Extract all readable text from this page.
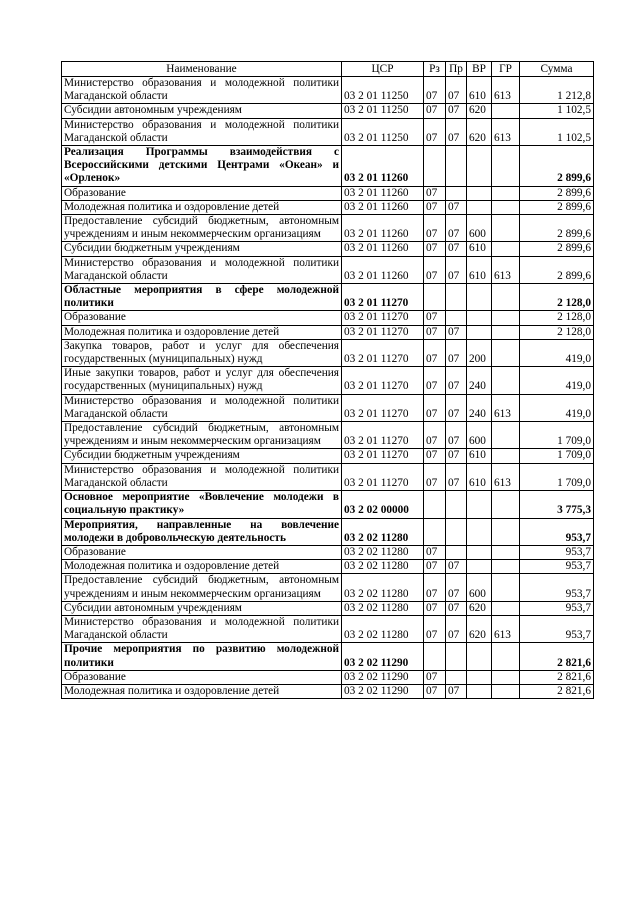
Наименование	ЦСР	Рз	Пр	ВР	ГР	Сумма
Министерство образования и молодежной политики Магаданской области	03 2 01 11250	07	07	610	613	1 212,8
Субсидии автономным учреждениям	03 2 01 11250	07	07	620		1 102,5
Министерство образования и молодежной политики Магаданской области	03 2 01 11250	07	07	620	613	1 102,5
Реализация Программы взаимодействия с Всероссийскими детскими Центрами «Океан» и «Орленок»	03 2 01 11260					2 899,6
Образование	03 2 01 11260	07				2 899,6
Молодежная политика и оздоровление детей	03 2 01 11260	07	07			2 899,6
Предоставление субсидий бюджетным, автономным учреждениям и иным некоммерческим организациям	03 2 01 11260	07	07	600		2 899,6
Субсидии бюджетным учреждениям	03 2 01 11260	07	07	610		2 899,6
Министерство образования и молодежной политики Магаданской области	03 2 01 11260	07	07	610	613	2 899,6
Областные мероприятия в сфере молодежной политики	03 2 01 11270					2 128,0
Образование	03 2 01 11270	07				2 128,0
Молодежная политика и оздоровление детей	03 2 01 11270	07	07			2 128,0
Закупка товаров, работ и услуг для обеспечения государственных (муниципальных) нужд	03 2 01 11270	07	07	200		419,0
Иные закупки товаров, работ и услуг для обеспечения государственных (муниципальных) нужд	03 2 01 11270	07	07	240		419,0
Министерство образования и молодежной политики Магаданской области	03 2 01 11270	07	07	240	613	419,0
Предоставление субсидий бюджетным, автономным учреждениям и иным некоммерческим организациям	03 2 01 11270	07	07	600		1 709,0
Субсидии бюджетным учреждениям	03 2 01 11270	07	07	610		1 709,0
Министерство образования и молодежной политики Магаданской области	03 2 01 11270	07	07	610	613	1 709,0
Основное мероприятие «Вовлечение молодежи в социальную практику»	03 2 02 00000					3 775,3
Мероприятия, направленные на вовлечение молодежи в добровольческую деятельность	03 2 02 11280					953,7
Образование	03 2 02 11280	07				953,7
Молодежная политика и оздоровление детей	03 2 02 11280	07	07			953,7
Предоставление субсидий бюджетным, автономным учреждениям и иным некоммерческим организациям	03 2 02 11280	07	07	600		953,7
Субсидии автономным учреждениям	03 2 02 11280	07	07	620		953,7
Министерство образования и молодежной политики Магаданской области	03 2 02 11280	07	07	620	613	953,7
Прочие мероприятия по развитию молодежной политики	03 2 02 11290					2 821,6
Образование	03 2 02 11290	07				2 821,6
Молодежная политика и оздоровление детей	03 2 02 11290	07	07			2 821,6
